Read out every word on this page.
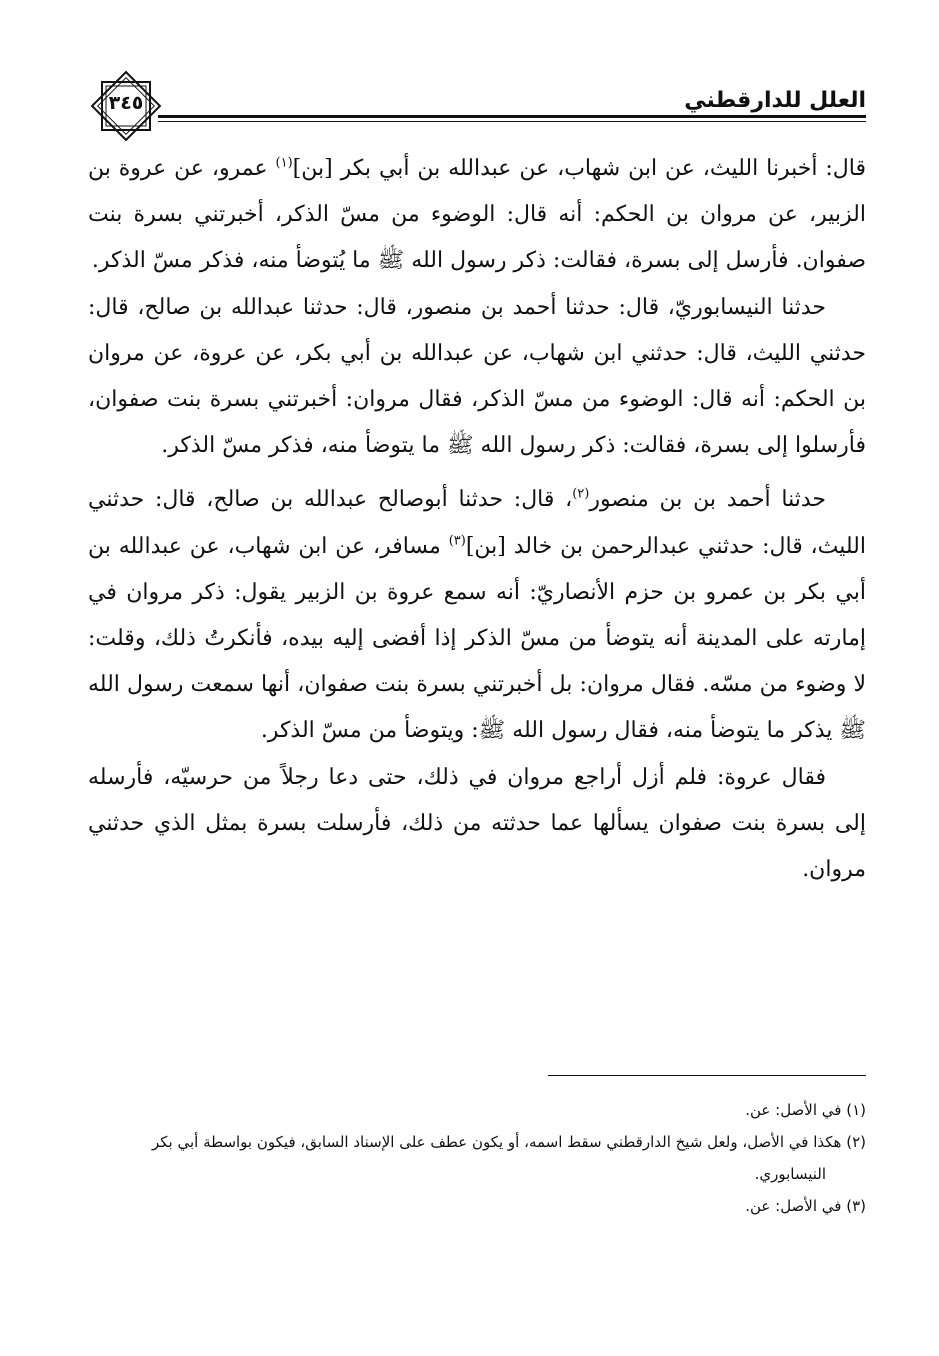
٣٤٥	العلل للدارقطني

قال: أخبرنا الليث، عن ابن شهاب، عن عبدالله بن أبي بكر [بن]$^{(١)}$ عمرو، عن عروة بن الزبير، عن مروان بن الحكم: أنه قال: الوضوء من مسّ الذكر، أخبرتني بسرة بنت صفوان. فأرسل إلى بسرة، فقالت: ذكر رسول الله ﷺ ما يُتوضأ منه، فذكر مسّ الذكر.

حدثنا النيسابوريّ، قال: حدثنا أحمد بن منصور، قال: حدثنا عبدالله بن صالح، قال: حدثني الليث، قال: حدثني ابن شهاب، عن عبدالله بن أبي بكر، عن عروة، عن مروان بن الحكم: أنه قال: الوضوء من مسّ الذكر، فقال مروان: أخبرتني بسرة بنت صفوان، فأرسلوا إلى بسرة، فقالت: ذكر رسول الله ﷺ ما يتوضأ منه، فذكر مسّ الذكر.

حدثنا أحمد بن بن منصور$^{(٢)}$، قال: حدثنا أبوصالح عبدالله بن صالح، قال: حدثني الليث، قال: حدثني عبدالرحمن بن خالد [بن]$^{(٣)}$ مسافر، عن ابن شهاب، عن عبدالله بن أبي بكر بن عمرو بن حزم الأنصاريّ: أنه سمع عروة بن الزبير يقول: ذكر مروان في إمارته على المدينة أنه يتوضأ من مسّ الذكر إذا أفضى إليه بيده، فأنكرتُ ذلك، وقلت: لا وضوء من مسّه. فقال مروان: بل أخبرتني بسرة بنت صفوان، أنها سمعت رسول الله ﷺ يذكر ما يتوضأ منه، فقال رسول الله ﷺ: ويتوضأ من مسّ الذكر.

فقال عروة: فلم أزل أراجع مروان في ذلك، حتى دعا رجلاً من حرسيّه، فأرسله إلى بسرة بنت صفوان يسألها عما حدثته من ذلك، فأرسلت بسرة بمثل الذي حدثني مروان.

(١) في الأصل: عن.

(٢) هكذا في الأصل، ولعل شيخ الدارقطني سقط اسمه، أو يكون عطف على الإسناد السابق، فيكون بواسطة أبي بكر

النيسابوري.

(٣) في الأصل: عن.
